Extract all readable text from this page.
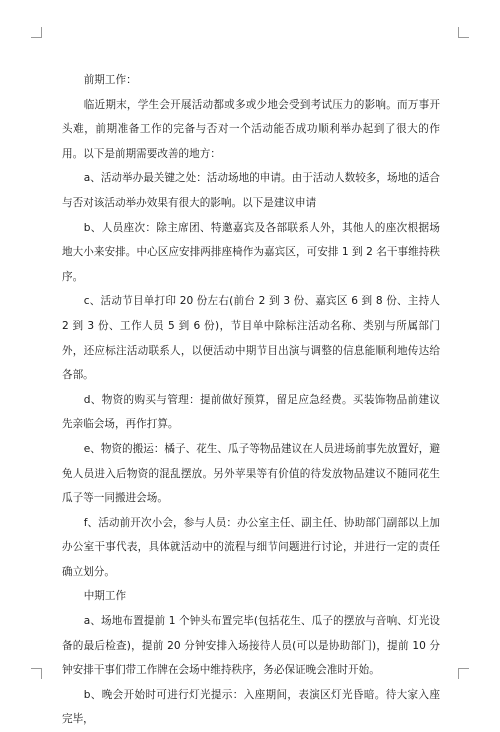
前期工作：

临近期末，学生会开展活动都或多或少地会受到考试压力的影响。而万事开头难，前期准备工作的完备与否对一个活动能否成功顺利举办起到了很大的作用。以下是前期需要改善的地方：

a、活动举办最关键之处：活动场地的申请。由于活动人数较多，场地的适合与否对该活动举办效果有很大的影响。以下是建议申请

b、人员座次：除主席团、特邀嘉宾及各部联系人外，其他人的座次根据场地大小来安排。中心区应安排两排座椅作为嘉宾区，可安排 1 到 2 名干事维持秩序。

c、活动节目单打印 20 份左右(前台 2 到 3 份、嘉宾区 6 到 8 份、主持人 2 到 3 份、工作人员 5 到 6 份)，节目单中除标注活动名称、类别与所属部门外，还应标注活动联系人，以便活动中期节目出演与调整的信息能顺利地传达给各部。

d、物资的购买与管理：提前做好预算，留足应急经费。买装饰物品前建议先亲临会场，再作打算。

e、物资的搬运：橘子、花生、瓜子等物品建议在人员进场前事先放置好，避免人员进入后物资的混乱摆放。另外苹果等有价值的待发放物品建议不随同花生瓜子等一同搬进会场。

f、活动前开次小会，参与人员：办公室主任、副主任、协助部门副部以上加办公室干事代表，具体就活动中的流程与细节问题进行讨论，并进行一定的责任确立划分。

中期工作

a、场地布置提前 1 个钟头布置完毕(包括花生、瓜子的摆放与音响、灯光设备的最后检查)，提前 20 分钟安排入场接待人员(可以是协助部门)，提前 10 分钟安排干事们带工作牌在会场中维持秩序，务必保证晚会准时开始。

b、晚会开始时可进行灯光提示：入座期间，表演区灯光昏暗。待大家入座完毕，
